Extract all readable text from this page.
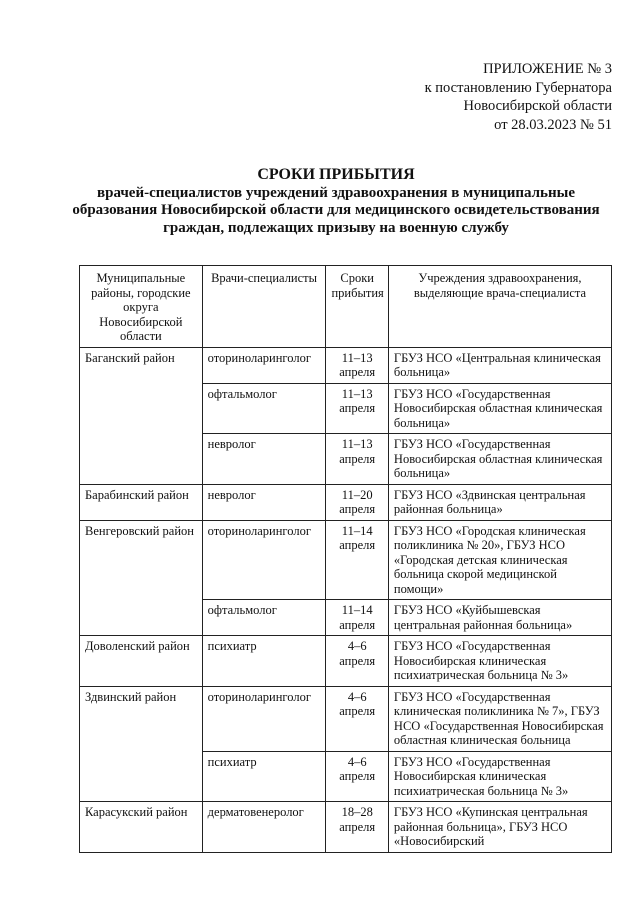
ПРИЛОЖЕНИЕ № 3
к постановлению Губернатора
Новосибирской области
от 28.03.2023 № 51
СРОКИ ПРИБЫТИЯ
врачей-специалистов учреждений здравоохранения в муниципальные
образования Новосибирской области для медицинского освидетельствования
граждан, подлежащих призыву на военную службу
Муниципальные районы, городские округа Новосибирской области	Врачи-специалисты	Сроки прибытия	Учреждения здравоохранения, выделяющие врача-специалиста
Баганский район	оториноларинголог	11–13 апреля	ГБУЗ НСО «Центральная клиническая больница»
	офтальмолог	11–13 апреля	ГБУЗ НСО «Государственная Новосибирская областная клиническая больница»
	невролог	11–13 апреля	ГБУЗ НСО «Государственная Новосибирская областная клиническая больница»
Барабинский район	невролог	11–20 апреля	ГБУЗ НСО «Здвинская центральная районная больница»
Венгеровский район	оториноларинголог	11–14 апреля	ГБУЗ НСО «Городская клиническая поликлиника № 20», ГБУЗ НСО «Городская детская клиническая больница скорой медицинской помощи»
	офтальмолог	11–14 апреля	ГБУЗ НСО «Куйбышевская центральная районная больница»
Доволенский район	психиатр	4–6 апреля	ГБУЗ НСО «Государственная Новосибирская клиническая психиатрическая больница № 3»
Здвинский район	оториноларинголог	4–6 апреля	ГБУЗ НСО «Государственная клиническая поликлиника № 7», ГБУЗ НСО «Государственная Новосибирская областная клиническая больница
	психиатр	4–6 апреля	ГБУЗ НСО «Государственная Новосибирская клиническая психиатрическая больница № 3»
Карасукский район	дерматовенеролог	18–28 апреля	ГБУЗ НСО «Купинская центральная районная больница», ГБУЗ НСО «Новосибирский
